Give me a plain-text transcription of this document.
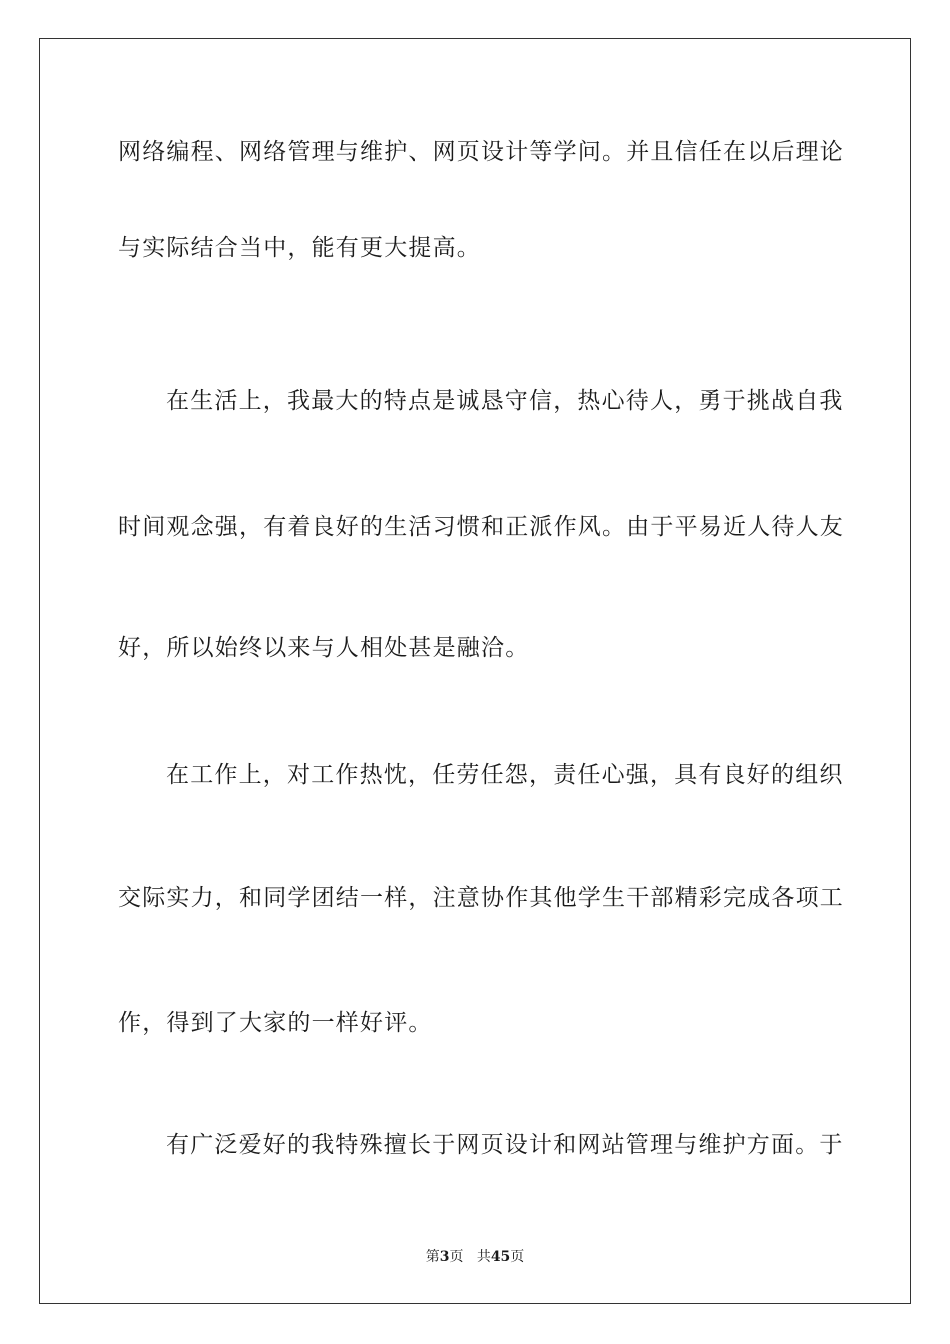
网络编程、网络管理与维护、网页设计等学问。并且信任在以后理论
与实际结合当中，能有更大提高。
在生活上，我最大的特点是诚恳守信，热心待人，勇于挑战自我
时间观念强，有着良好的生活习惯和正派作风。由于平易近人待人友
好，所以始终以来与人相处甚是融洽。
在工作上，对工作热忱，任劳任怨，责任心强，具有良好的组织
交际实力，和同学团结一样，注意协作其他学生干部精彩完成各项工
作，得到了大家的一样好评。
有广泛爱好的我特殊擅长于网页设计和网站管理与维护方面。于
第3页 共45页
